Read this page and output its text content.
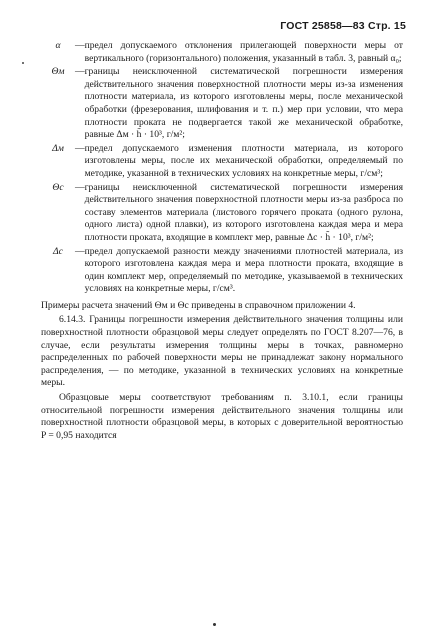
ГОСТ 25858—83 Стр. 15
α	— предел допускаемого отклонения прилегающей поверхности меры от вертикального (горизонтального) положения, указанный в табл. 3, равный α₀;
Θм	— границы неисключенной систематической погрешности измерения действительного значения поверхностной плотности меры из-за изменения плотности материала, из которого изготовлены меры, после механической обработки (фрезерования, шлифования и т. п.) мер при условии, что мера плотности проката не подвергается такой же механической обработке, равные Δм · h̃ · 10³, г/м²;
Δм	— предел допускаемого изменения плотности материала, из которого изготовлены меры, после их механической обработки, определяемый по методике, указанной в технических условиях на конкретные меры, г/см³;
Θс	— границы неисключенной систематической погрешности измерения действительного значения поверхностной плотности меры из-за разброса по составу элементов материала (листового горячего проката (одного рулона, одного листа) одной плавки), из которого изготовлена каждая мера и мера плотности проката, входящие в комплект мер, равные Δс · h̃ · 10³, г/м²;
Δс	— предел допускаемой разности между значениями плотностей материала, из которого изготовлена каждая мера и мера плотности проката, входящие в один комплект мер, определяемый по методике, указываемой в технических условиях на конкретные меры, г/см³.

Примеры расчета значений Θм и Θс приведены в справочном приложении 4.

6.14.3. Границы погрешности измерения действительного значения толщины или поверхностной плотности образцовой меры следует определять по ГОСТ 8.207—76, в случае, если результаты измерения толщины меры в точках, равномерно распределенных по рабочей поверхности меры не принадлежат закону нормального распределения, — по методике, указанной в технических условиях на конкретные меры.

Образцовые меры соответствуют требованиям п. 3.10.1, если границы относительной погрешности измерения действительного значения толщины или поверхностной плотности образцовой меры, в которых с доверительной вероятностью P = 0,95 находится
